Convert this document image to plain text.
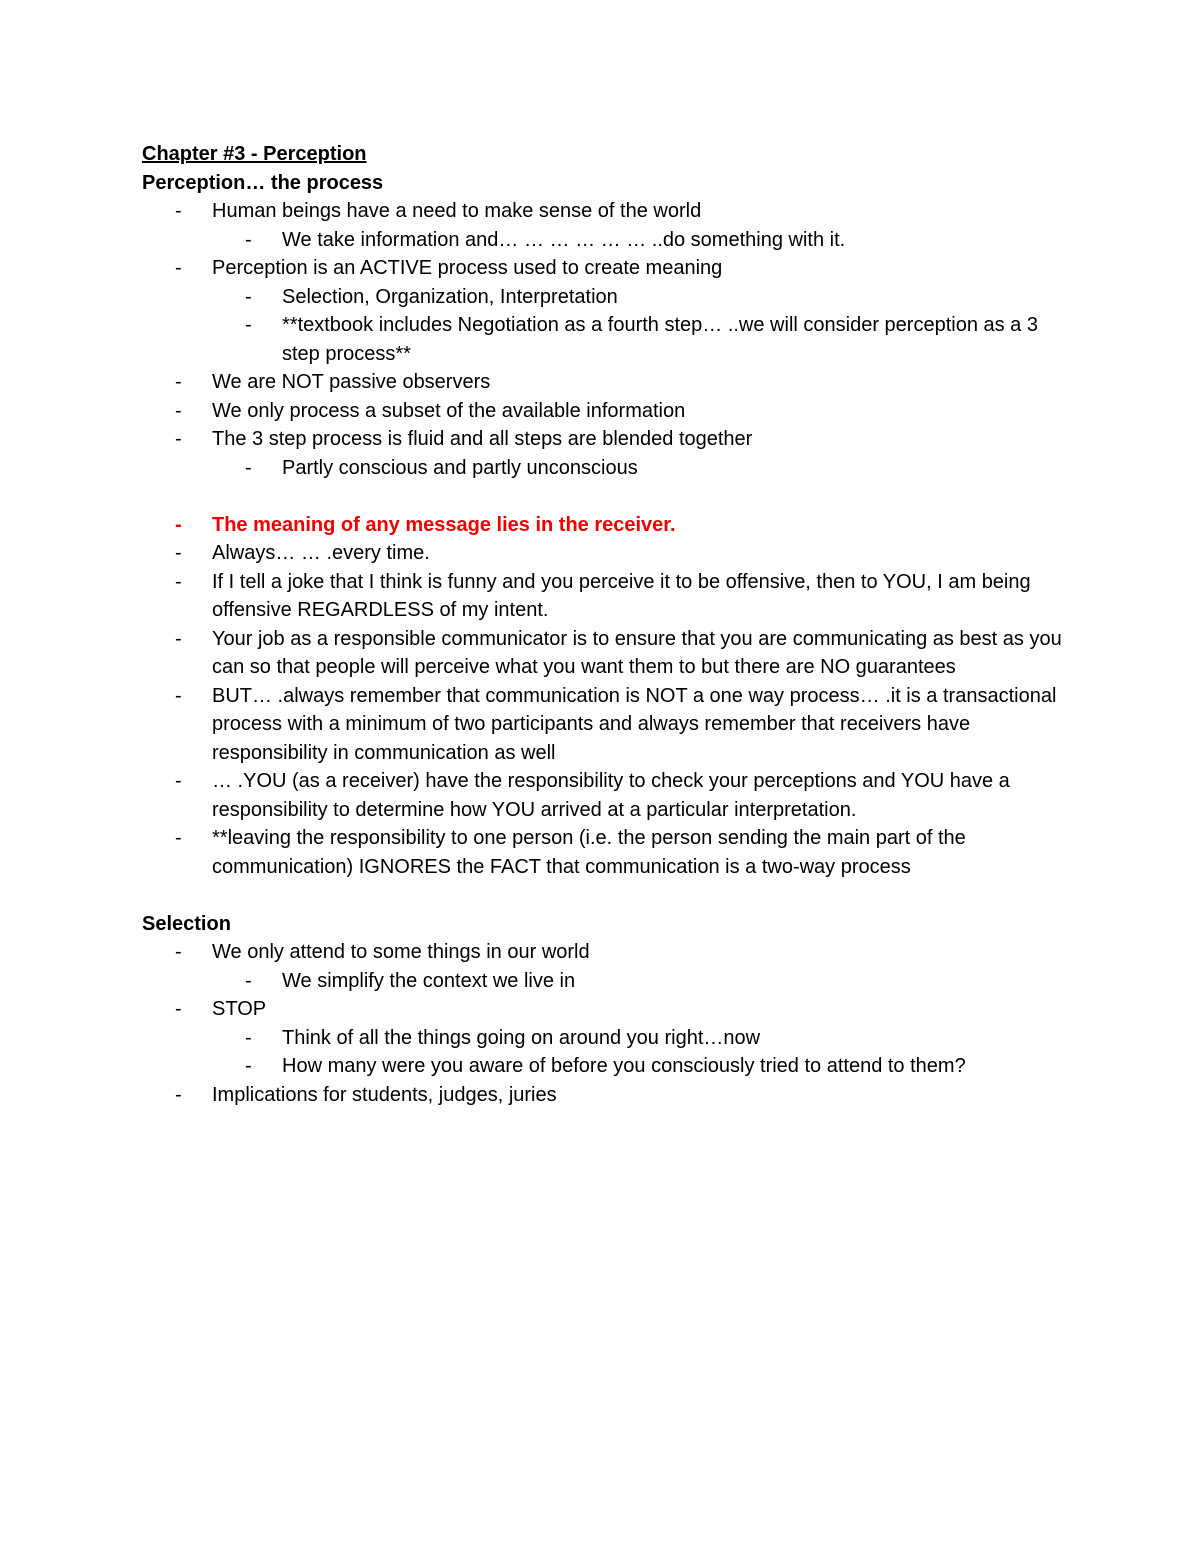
Chapter #3 - Perception

Perception… the process

- Human beings have a need to make sense of the world
- We take information and… … … … … … ..do something with it.
- Perception is an ACTIVE process used to create meaning
- Selection, Organization, Interpretation
- **textbook includes Negotiation as a fourth step… ..we will consider perception as a 3 step process**
- We are NOT passive observers
- We only process a subset of the available information
- The 3 step process is fluid and all steps are blended together
- Partly conscious and partly unconscious
- The meaning of any message lies in the receiver.
- Always… … .every time.
- If I tell a joke that I think is funny and you perceive it to be offensive, then to YOU, I am being offensive REGARDLESS of my intent.
- Your job as a responsible communicator is to ensure that you are communicating as best as you can so that people will perceive what you want them to but there are NO guarantees
- BUT… .always remember that communication is NOT a one way process… .it is a transactional process with a minimum of two participants and always remember that receivers have responsibility in communication as well
- … .YOU (as a receiver) have the responsibility to check your perceptions and YOU have a responsibility to determine how YOU arrived at a particular interpretation.
- **leaving the responsibility to one person (i.e. the person sending the main part of the communication) IGNORES the FACT that communication is a two-way process

Selection

- We only attend to some things in our world
- We simplify the context we live in
- STOP
- Think of all the things going on around you right…now
- How many were you aware of before you consciously tried to attend to them?
- Implications for students, judges, juries
